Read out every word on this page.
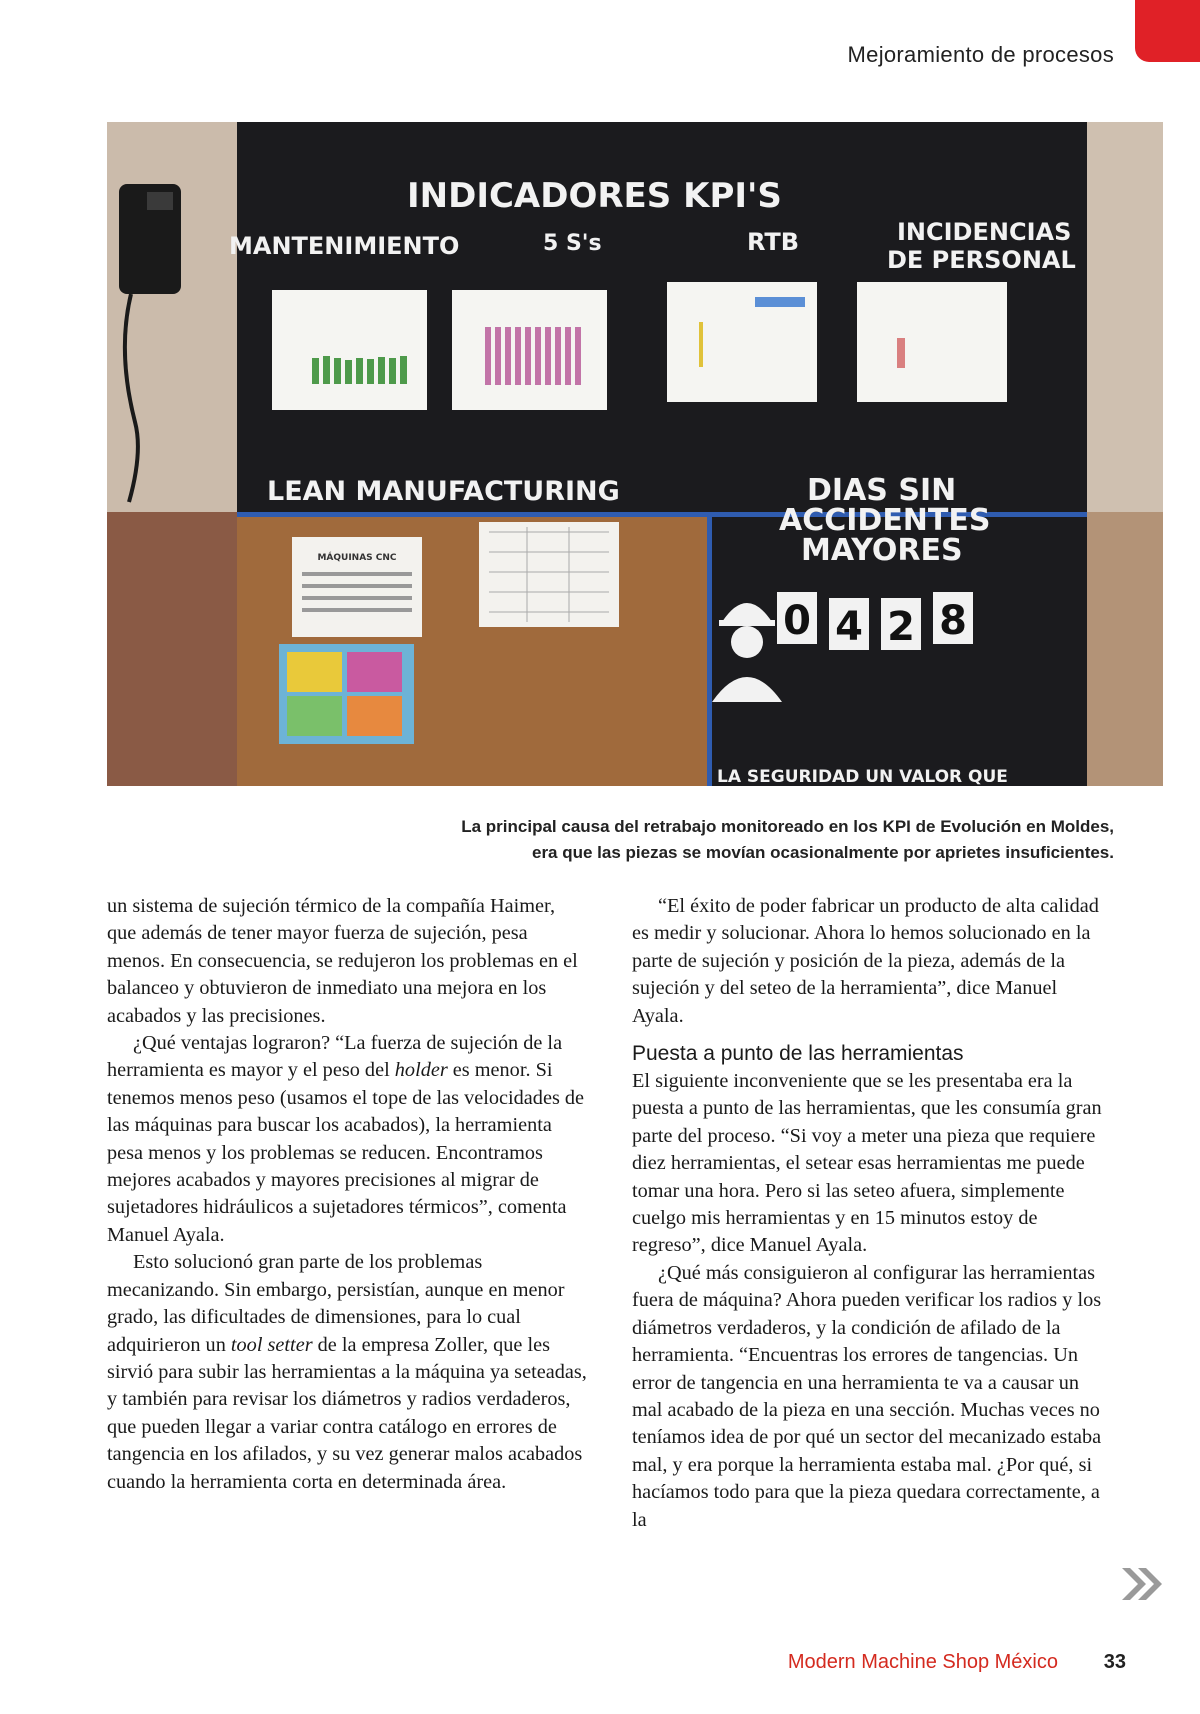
Mejoramiento de procesos
INDICADORES KPI'S
MANTENIMIENTO	5 S's	RTB	INCIDENCIAS
DE PERSONAL
LEAN MANUFACTURING
MÁQUINAS CNC
DIAS SIN
ACCIDENTES
MAYORES
0 4 2 8
LA SEGURIDAD UN VALOR QUE
La principal causa del retrabajo monitoreado en los KPI de Evolución en Moldes,
era que las piezas se movían ocasionalmente por aprietes insuficientes.

un sistema de sujeción térmico de la compañía Haimer, que además de tener mayor fuerza de sujeción, pesa menos. En consecuencia, se redujeron los problemas en el balanceo y obtuvieron de inmediato una mejora en los acabados y las precisiones.

¿Qué ventajas lograron? “La fuerza de sujeción de la herramienta es mayor y el peso del holder es menor. Si tenemos menos peso (usamos el tope de las velocidades de las máquinas para buscar los acabados), la herramienta pesa menos y los problemas se reducen. Encontramos mejores acabados y mayores precisiones al migrar de sujetadores hidráulicos a sujetadores térmicos”, comenta Manuel Ayala.

Esto solucionó gran parte de los problemas mecanizando. Sin embargo, persistían, aunque en menor grado, las dificultades de dimensiones, para lo cual adquirieron un tool setter de la empresa Zoller, que les sirvió para subir las herramientas a la máquina ya seteadas, y también para revisar los diámetros y radios verdaderos, que pueden llegar a variar contra catálogo en errores de tangencia en los afilados, y su vez generar malos acabados cuando la herramienta corta en determinada área.

“El éxito de poder fabricar un producto de alta calidad es medir y solucionar. Ahora lo hemos solucionado en la parte de sujeción y posición de la pieza, además de la sujeción y del seteo de la herramienta”, dice Manuel Ayala.

Puesta a punto de las herramientas

El siguiente inconveniente que se les presentaba era la puesta a punto de las herramientas, que les consumía gran parte del proceso. “Si voy a meter una pieza que requiere diez herramientas, el setear esas herramientas me puede tomar una hora. Pero si las seteo afuera, simplemente cuelgo mis herramientas y en 15 minutos estoy de regreso”, dice Manuel Ayala.

¿Qué más consiguieron al configurar las herramientas fuera de máquina? Ahora pueden verificar los radios y los diámetros verdaderos, y la condición de afilado de la herramienta. “Encuentras los errores de tangencias. Un error de tangencia en una herramienta te va a causar un mal acabado de la pieza en una sección. Muchas veces no teníamos idea de por qué un sector del mecanizado estaba mal, y era porque la herramienta estaba mal. ¿Por qué, si hacíamos todo para que la pieza quedara correctamente, a la

Modern Machine Shop México 33
